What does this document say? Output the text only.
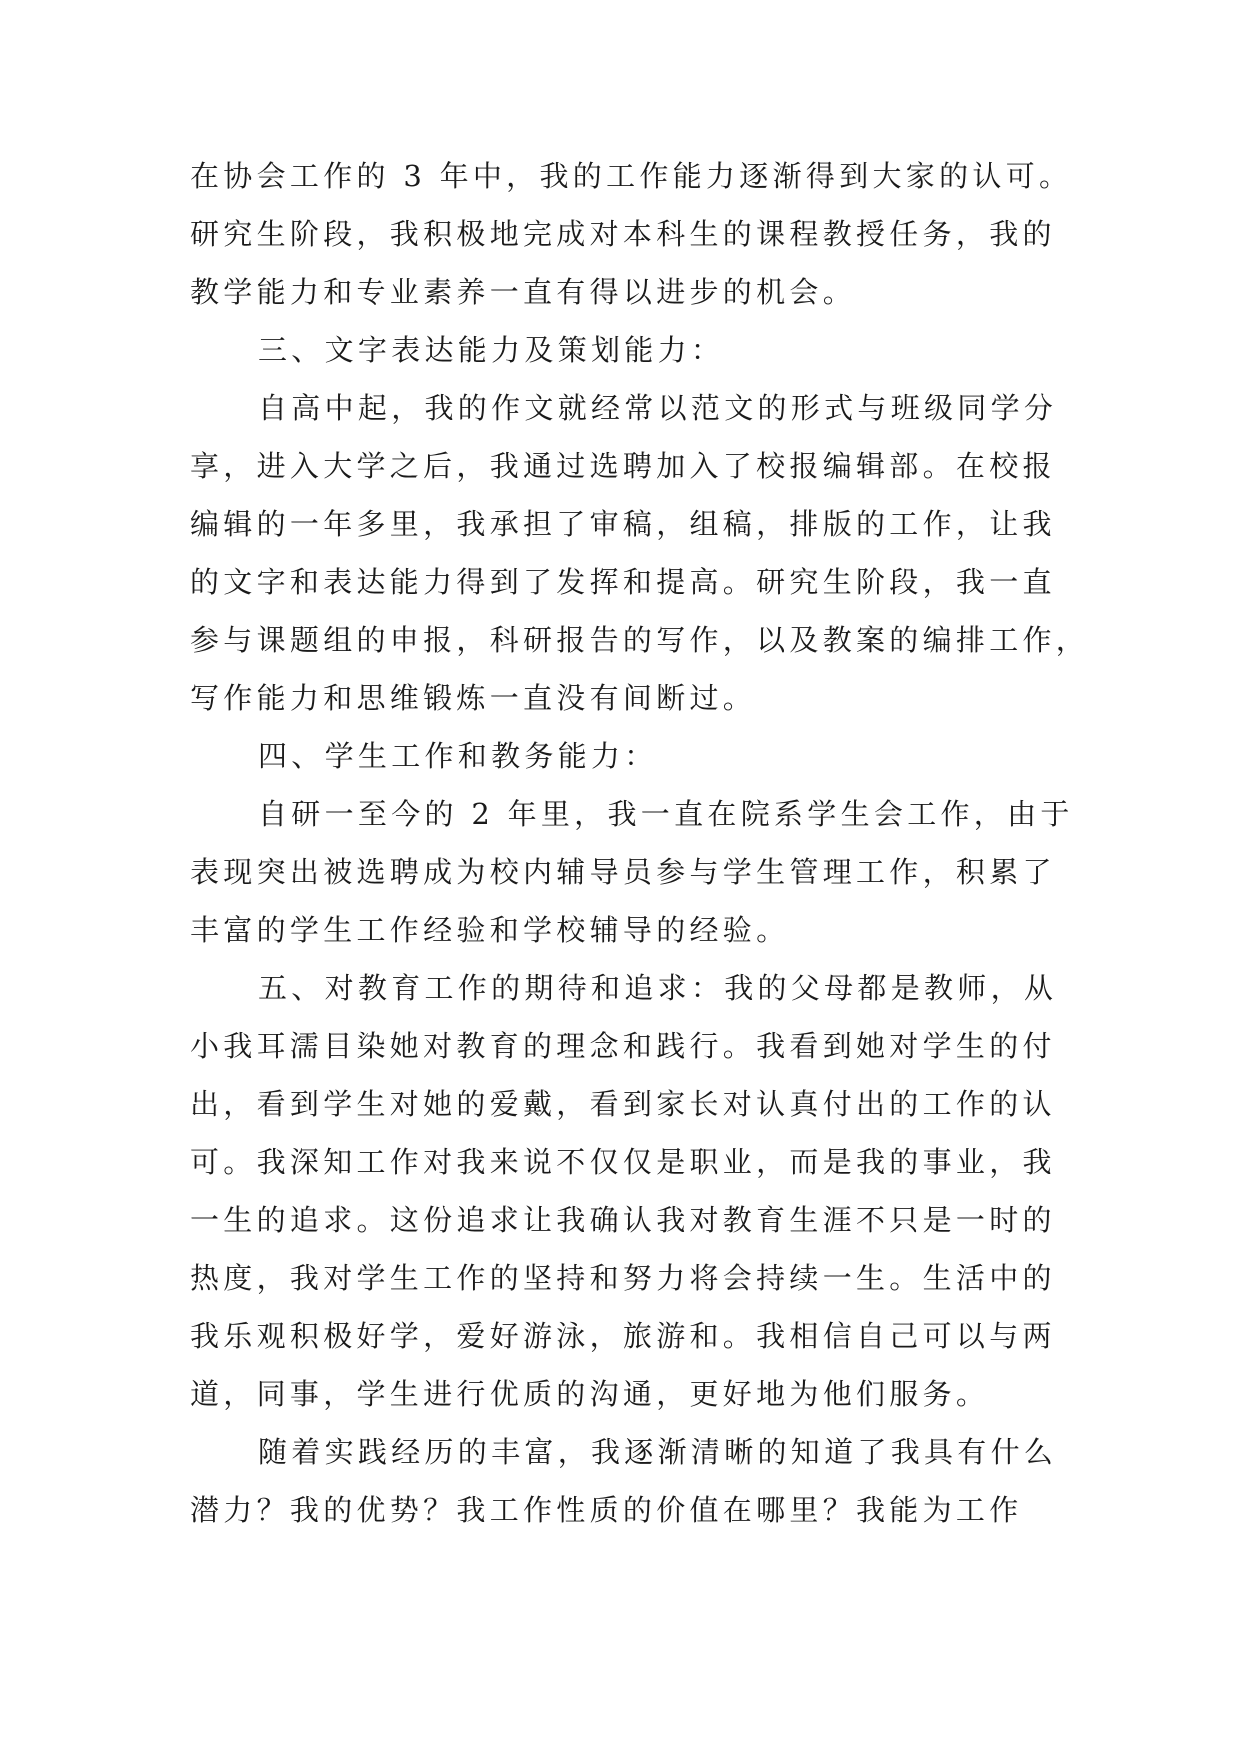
在协会工作的 3 年中，我的工作能力逐渐得到大家的认可。
研究生阶段，我积极地完成对本科生的课程教授任务，我的
教学能力和专业素养一直有得以进步的机会。
三、文字表达能力及策划能力：
自高中起，我的作文就经常以范文的形式与班级同学分
享，进入大学之后，我通过选聘加入了校报编辑部。在校报
编辑的一年多里，我承担了审稿，组稿，排版的工作，让我
的文字和表达能力得到了发挥和提高。研究生阶段，我一直
参与课题组的申报，科研报告的写作，以及教案的编排工作，
写作能力和思维锻炼一直没有间断过。
四、学生工作和教务能力：
自研一至今的 2 年里，我一直在院系学生会工作，由于
表现突出被选聘成为校内辅导员参与学生管理工作，积累了
丰富的学生工作经验和学校辅导的经验。
五、对教育工作的期待和追求：我的父母都是教师，从
小我耳濡目染她对教育的理念和践行。我看到她对学生的付
出，看到学生对她的爱戴，看到家长对认真付出的工作的认
可。我深知工作对我来说不仅仅是职业，而是我的事业，我
一生的追求。这份追求让我确认我对教育生涯不只是一时的
热度，我对学生工作的坚持和努力将会持续一生。生活中的
我乐观积极好学，爱好游泳，旅游和。我相信自己可以与两
道，同事，学生进行优质的沟通，更好地为他们服务。
随着实践经历的丰富，我逐渐清晰的知道了我具有什么
潜力？我的优势？我工作性质的价值在哪里？我能为工作
